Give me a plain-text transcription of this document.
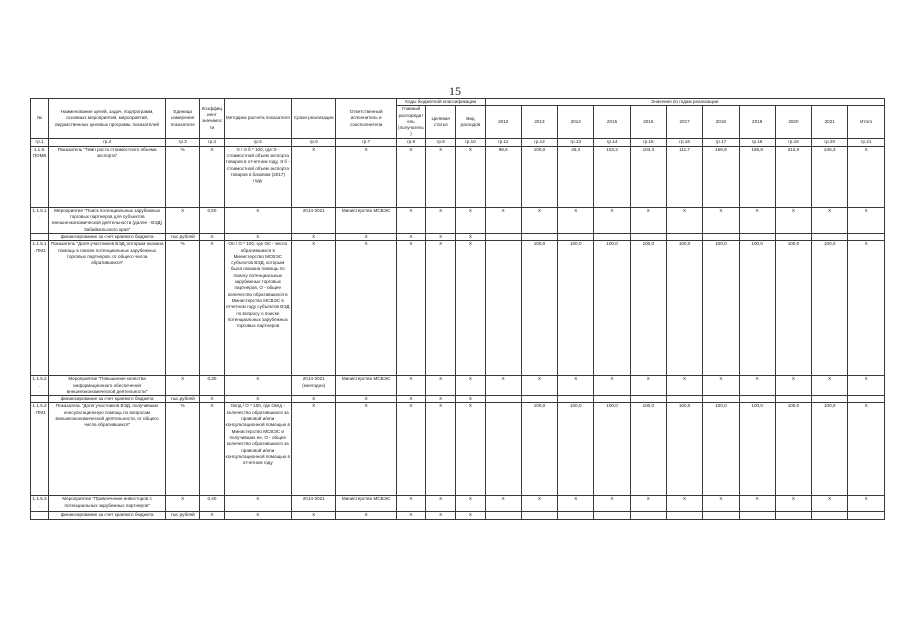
15
№	Наименование целей, задач, подпрограмм, основных мероприятий, мероприятий, ведомственных целевых программ, показателей	Единица измерения показателя	Коэффициент значимости	Методика расчета показателя	Сроки реализации	Ответственный исполнитель и соисполнители	Коды бюджетной классификации			Значения по годам реализации										
							Главный распорядитель (получатель)	Целевая статья	Вид расходов	2012	2013	2014	2015	2016	2017	2018	2019	2020	2021	Итого
гр.1	гр.2	гр.3	гр.4	гр.5	гр.6	гр.7	гр.8	гр.9	гр.10	гр.11	гр.12	гр.13	гр.14	гр.15	гр.16	гр.17	гр.18	гр.19	гр.20	гр.21
1.1.5. ПОМБ	Показатель "Темп роста стоимостного объема экспорта"	%	Х	Э / Э б * 100, где Э - стоимостной объем экспорта товаров в отчетном году, Э б - стоимостной объем экспорта товаров в базовом (2017) году	Х	Х	Х	Х	Х	98,6	100,0	45,3	103,3	103,3	111,7	156,8	185,8	213,9	246,3	Х
1.1.5.1.	Мероприятие "Поиск потенциальных зарубежных торговых партнеров для субъектов внешнеэкономической деятельности (далее - ВЭД) Забайкальского края"	Х	0,50	Х	2014-2021	Министерство МСВЭС	Х	Х	Х	Х	Х	Х	Х	Х	Х	Х	Х	Х	Х	Х
	финансирование за счет краевого бюджета	тыс.рублей	Х	Х	Х	Х	Х	Х	Х											
1.1.5.1. ПМ1	Показатель "Доля участников ВЭД, которым оказана помощь в поиске потенциальных зарубежных торговых партнеров, от общего числа обратившихся"	%	Х	Оп / О * 100, где Оп - число обратившихся в Министерство МСВЭС субъектов ВЭД, которым была оказана помощь по поиску потенциальных зарубежных торговых партнеров, О - общее количество обратившихся в Министерство МСВЭС в отчетном году субъектов ВЭД по вопросу о поиске потенциальных зарубежных торговых партнеров	Х	Х	Х	Х	Х		100,0	100,0	100,0	100,0	100,0	100,0	100,0	100,0	100,0	Х
1.1.5.2.	Мероприятие "Повышение качества информационного обеспечения внешнеэкономической деятельности"	Х	0,30	Х	2014-2021 (ежегодно)	Министерство МСВЭС	Х	Х	Х	Х	Х	Х	Х	Х	Х	Х	Х	Х	Х	Х
	финансирование за счет краевого бюджета	тыс.рублей	Х	Х	Х	Х	Х	Х	Х											
1.1.5.2. ПМ1	Показатель "Доля участников ВЭД, получивших консультационную помощь по вопросам внешнеэкономической деятельности, от общего числа обратившихся"	%	Х	Окпд / О * 100, где Окпд - количество обратившихся за правовой и/или консультационной помощью в Министерство МСВЭС и получивших ее, О - общее количество обратившихся за правовой и/или консультационной помощью в отчетном году	Х	Х	Х	Х	Х		100,0	100,0	100,0	100,0	100,0	100,0	100,0	100,0	100,0	Х
1.1.5.3.	Мероприятие "Привлечение инвесторов с потенциальных зарубежных партнеров"	Х	0,40	Х	2014-2021	Министерство МСВЭС	Х	Х	Х	Х	Х	Х	Х	Х	Х	Х	Х	Х	Х	Х
	финансирование за счет краевого бюджета	тыс.рублей	Х	Х	Х	Х	Х	Х	Х											
